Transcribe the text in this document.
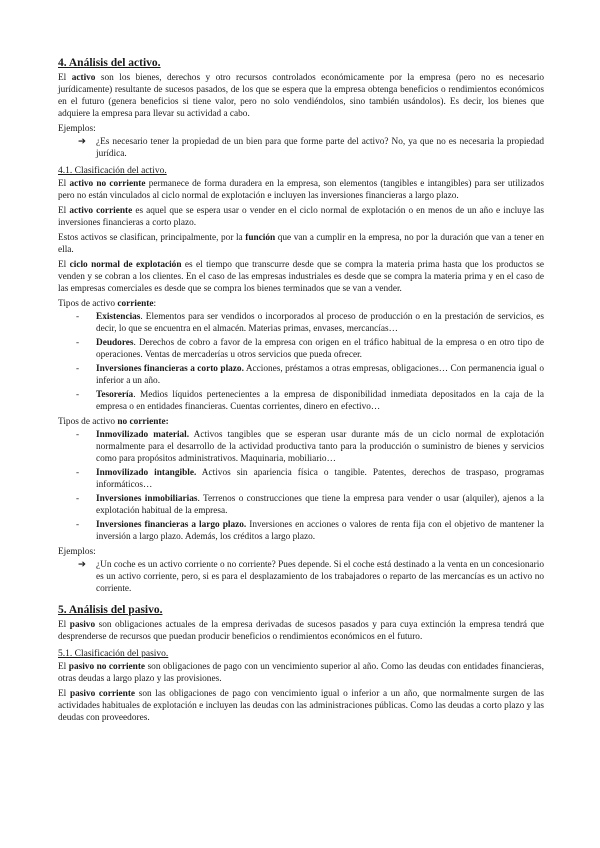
4. Análisis del activo.

El activo son los bienes, derechos y otro recursos controlados económicamente por la empresa (pero no es necesario jurídicamente) resultante de sucesos pasados, de los que se espera que la empresa obtenga beneficios o rendimientos económicos en el futuro (genera beneficios si tiene valor, pero no solo vendiéndolos, sino también usándolos). Es decir, los bienes que adquiere la empresa para llevar su actividad a cabo.

Ejemplos:
➔ ¿Es necesario tener la propiedad de un bien para que forme parte del activo? No, ya que no es necesaria la propiedad jurídica.
4.1. Clasificación del activo.

El activo no corriente permanece de forma duradera en la empresa, son elementos (tangibles e intangibles) para ser utilizados pero no están vinculados al ciclo normal de explotación e incluyen las inversiones financieras a largo plazo.

El activo corriente es aquel que se espera usar o vender en el ciclo normal de explotación o en menos de un año e incluye las inversiones financieras a corto plazo.

Estos activos se clasifican, principalmente, por la función que van a cumplir en la empresa, no por la duración que van a tener en ella.

El ciclo normal de explotación es el tiempo que transcurre desde que se compra la materia prima hasta que los productos se venden y se cobran a los clientes. En el caso de las empresas industriales es desde que se compra la materia prima y en el caso de las empresas comerciales es desde que se compra los bienes terminados que se van a vender.

Tipos de activo corriente:
- Existencias. Elementos para ser vendidos o incorporados al proceso de producción o en la prestación de servicios, es decir, lo que se encuentra en el almacén. Materias primas, envases, mercancías…
- Deudores. Derechos de cobro a favor de la empresa con origen en el tráfico habitual de la empresa o en otro tipo de operaciones. Ventas de mercaderías u otros servicios que pueda ofrecer.
- Inversiones financieras a corto plazo. Acciones, préstamos a otras empresas, obligaciones… Con permanencia igual o inferior a un año.
- Tesorería. Medios líquidos pertenecientes a la empresa de disponibilidad inmediata depositados en la caja de la empresa o en entidades financieras. Cuentas corrientes, dinero en efectivo…
Tipos de activo no corriente:
- Inmovilizado material. Activos tangibles que se esperan usar durante más de un ciclo normal de explotación normalmente para el desarrollo de la actividad productiva tanto para la producción o suministro de bienes y servicios como para propósitos administrativos. Maquinaria, mobiliario…
- Inmovilizado intangible. Activos sin apariencia física o tangible. Patentes, derechos de traspaso, programas informáticos…
- Inversiones inmobiliarias. Terrenos o construcciones que tiene la empresa para vender o usar (alquiler), ajenos a la explotación habitual de la empresa.
- Inversiones financieras a largo plazo. Inversiones en acciones o valores de renta fija con el objetivo de mantener la inversión a largo plazo. Además, los créditos a largo plazo.
Ejemplos:
➔ ¿Un coche es un activo corriente o no corriente? Pues depende. Si el coche está destinado a la venta en un concesionario es un activo corriente, pero, si es para el desplazamiento de los trabajadores o reparto de las mercancías es un activo no corriente.
5. Análisis del pasivo.

El pasivo son obligaciones actuales de la empresa derivadas de sucesos pasados y para cuya extinción la empresa tendrá que desprenderse de recursos que puedan producir beneficios o rendimientos económicos en el futuro.

5.1. Clasificación del pasivo.

El pasivo no corriente son obligaciones de pago con un vencimiento superior al año. Como las deudas con entidades financieras, otras deudas a largo plazo y las provisiones.

El pasivo corriente son las obligaciones de pago con vencimiento igual o inferior a un año, que normalmente surgen de las actividades habituales de explotación e incluyen las deudas con las administraciones públicas. Como las deudas a corto plazo y las deudas con proveedores.
